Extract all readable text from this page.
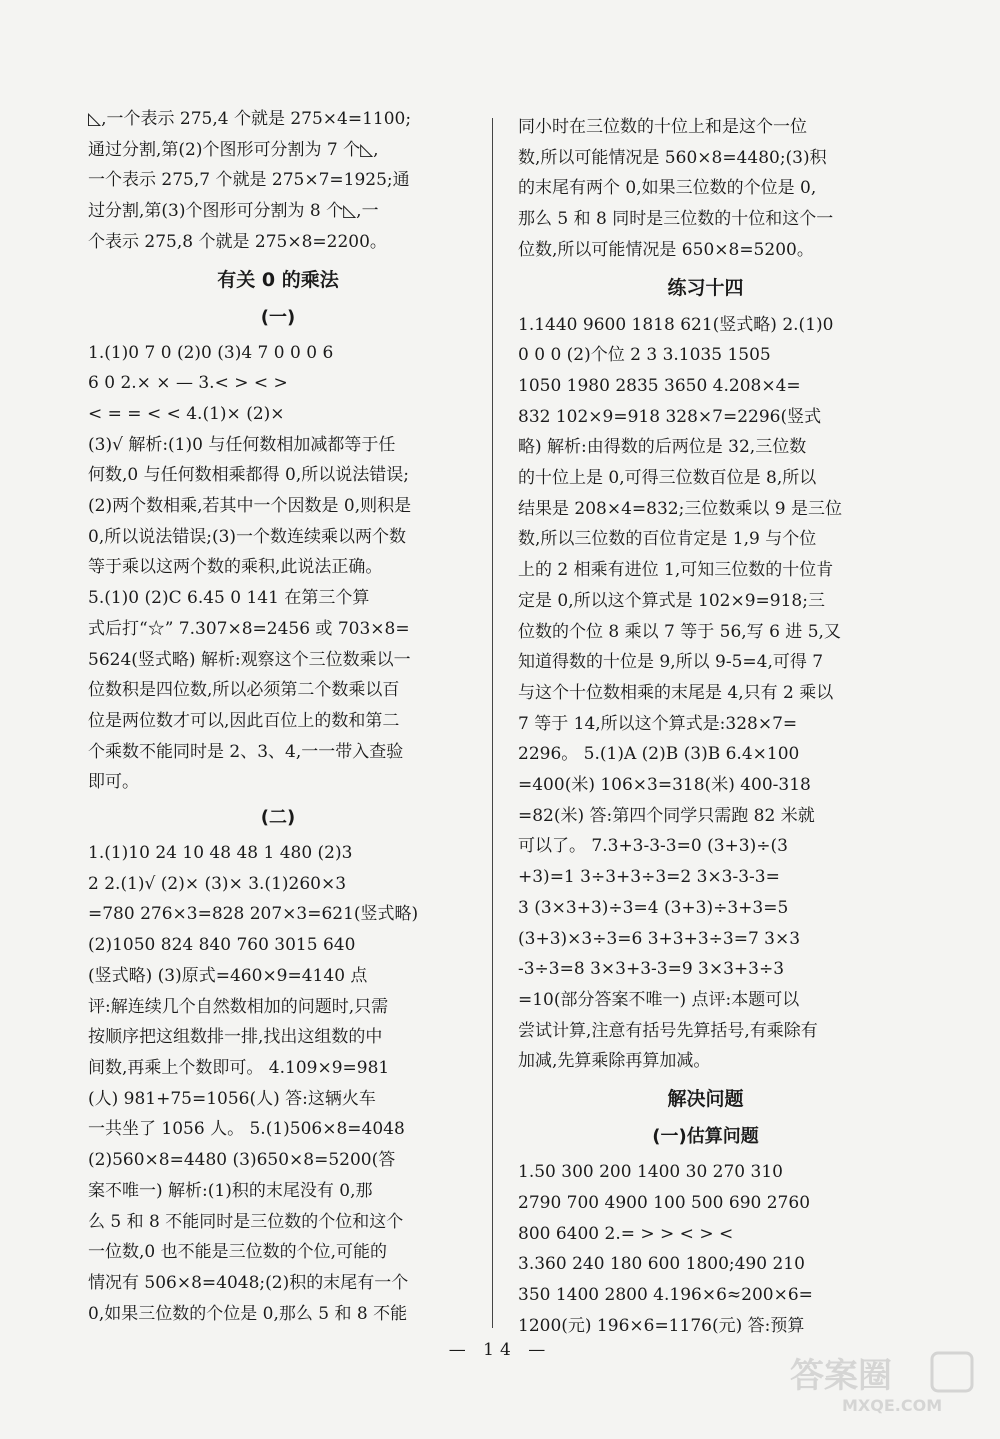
◺,一个表示 275,4 个就是 275×4=1100;
通过分割,第(2)个图形可分割为 7 个◺,
一个表示 275,7 个就是 275×7=1925;通
过分割,第(3)个图形可分割为 8 个◺,一
个表示 275,8 个就是 275×8=2200。
有关 0 的乘法
(一)
1.(1)0 7 0 (2)0 (3)4 7 0 0 0 6
6 0 2.× × — 3.< > < >
< = = < < 4.(1)× (2)×
(3)√ 解析:(1)0 与任何数相加减都等于任
何数,0 与任何数相乘都得 0,所以说法错误;
(2)两个数相乘,若其中一个因数是 0,则积是
0,所以说法错误;(3)一个数连续乘以两个数
等于乘以这两个数的乘积,此说法正确。
5.(1)0 (2)C 6.45 0 141 在第三个算
式后打“☆” 7.307×8=2456 或 703×8=
5624(竖式略) 解析:观察这个三位数乘以一
位数积是四位数,所以必须第二个数乘以百
位是两位数才可以,因此百位上的数和第二
个乘数不能同时是 2、3、4,一一带入查验
即可。
(二)
1.(1)10 24 10 48 48 1 480 (2)3
2 2.(1)√ (2)× (3)× 3.(1)260×3
=780 276×3=828 207×3=621(竖式略)
(2)1050 824 840 760 3015 640
(竖式略) (3)原式=460×9=4140 点
评:解连续几个自然数相加的问题时,只需
按顺序把这组数排一排,找出这组数的中
间数,再乘上个数即可。 4.109×9=981
(人) 981+75=1056(人) 答:这辆火车
一共坐了 1056 人。 5.(1)506×8=4048
(2)560×8=4480 (3)650×8=5200(答
案不唯一) 解析:(1)积的末尾没有 0,那
么 5 和 8 不能同时是三位数的个位和这个
一位数,0 也不能是三位数的个位,可能的
情况有 506×8=4048;(2)积的末尾有一个
0,如果三位数的个位是 0,那么 5 和 8 不能
同小时在三位数的十位上和是这个一位
数,所以可能情况是 560×8=4480;(3)积
的末尾有两个 0,如果三位数的个位是 0,
那么 5 和 8 同时是三位数的十位和这个一
位数,所以可能情况是 650×8=5200。
练习十四
1.1440 9600 1818 621(竖式略) 2.(1)0
0 0 0 (2)个位 2 3 3.1035 1505
1050 1980 2835 3650 4.208×4=
832 102×9=918 328×7=2296(竖式
略) 解析:由得数的后两位是 32,三位数
的十位上是 0,可得三位数百位是 8,所以
结果是 208×4=832;三位数乘以 9 是三位
数,所以三位数的百位肯定是 1,9 与个位
上的 2 相乘有进位 1,可知三位数的十位肯
定是 0,所以这个算式是 102×9=918;三
位数的个位 8 乘以 7 等于 56,写 6 进 5,又
知道得数的十位是 9,所以 9-5=4,可得 7
与这个十位数相乘的末尾是 4,只有 2 乘以
7 等于 14,所以这个算式是:328×7=
2296。 5.(1)A (2)B (3)B 6.4×100
=400(米) 106×3=318(米) 400-318
=82(米) 答:第四个同学只需跑 82 米就
可以了。 7.3+3-3-3=0 (3+3)÷(3
+3)=1 3÷3+3÷3=2 3×3-3-3=
3 (3×3+3)÷3=4 (3+3)÷3+3=5
(3+3)×3÷3=6 3+3+3÷3=7 3×3
-3÷3=8 3×3+3-3=9 3×3+3÷3
=10(部分答案不唯一) 点评:本题可以
尝试计算,注意有括号先算括号,有乘除有
加减,先算乘除再算加减。
解决问题
(一)估算问题
1.50 300 200 1400 30 270 310
2790 700 4900 100 500 690 2760
800 6400 2.= > > < > <
3.360 240 180 600 1800;490 210
350 1400 2800 4.196×6≈200×6=
1200(元) 196×6=1176(元) 答:预算
— 14 —
答案圈
MXQE.COM
